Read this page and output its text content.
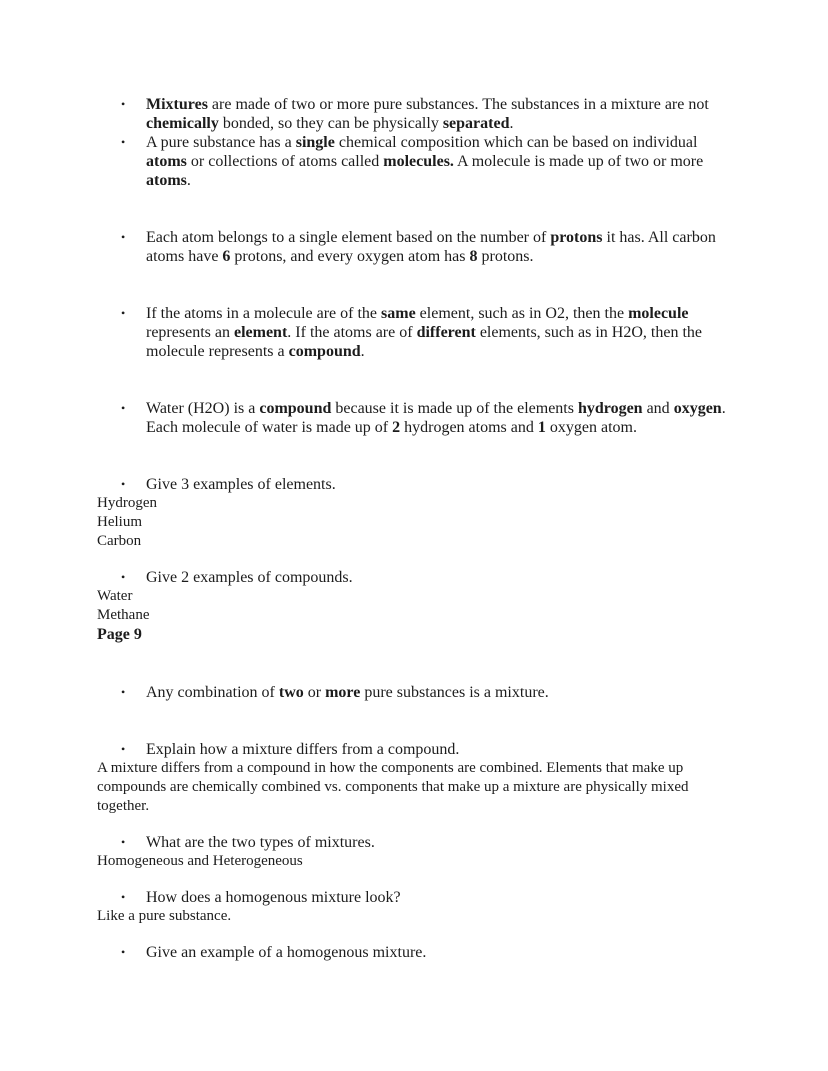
• Mixtures are made of two or more pure substances. The substances in a mixture are not chemically bonded, so they can be physically separated.
• A pure substance has a single chemical composition which can be based on individual atoms or collections of atoms called molecules. A molecule is made up of two or more atoms.
• Each atom belongs to a single element based on the number of protons it has. All carbon atoms have 6 protons, and every oxygen atom has 8 protons.
• If the atoms in a molecule are of the same element, such as in O2, then the molecule represents an element. If the atoms are of different elements, such as in H2O, then the molecule represents a compound.
• Water (H2O) is a compound because it is made up of the elements hydrogen and oxygen. Each molecule of water is made up of 2 hydrogen atoms and 1 oxygen atom.
• Give 3 examples of elements.
Hydrogen
Helium
Carbon
• Give 2 examples of compounds.
Water
Methane
Page 9
• Any combination of two or more pure substances is a mixture.
• Explain how a mixture differs from a compound.
A mixture differs from a compound in how the components are combined. Elements that make up compounds are chemically combined vs. components that make up a mixture are physically mixed together.
• What are the two types of mixtures.
Homogeneous and Heterogeneous
• How does a homogenous mixture look?
Like a pure substance.
• Give an example of a homogenous mixture.
